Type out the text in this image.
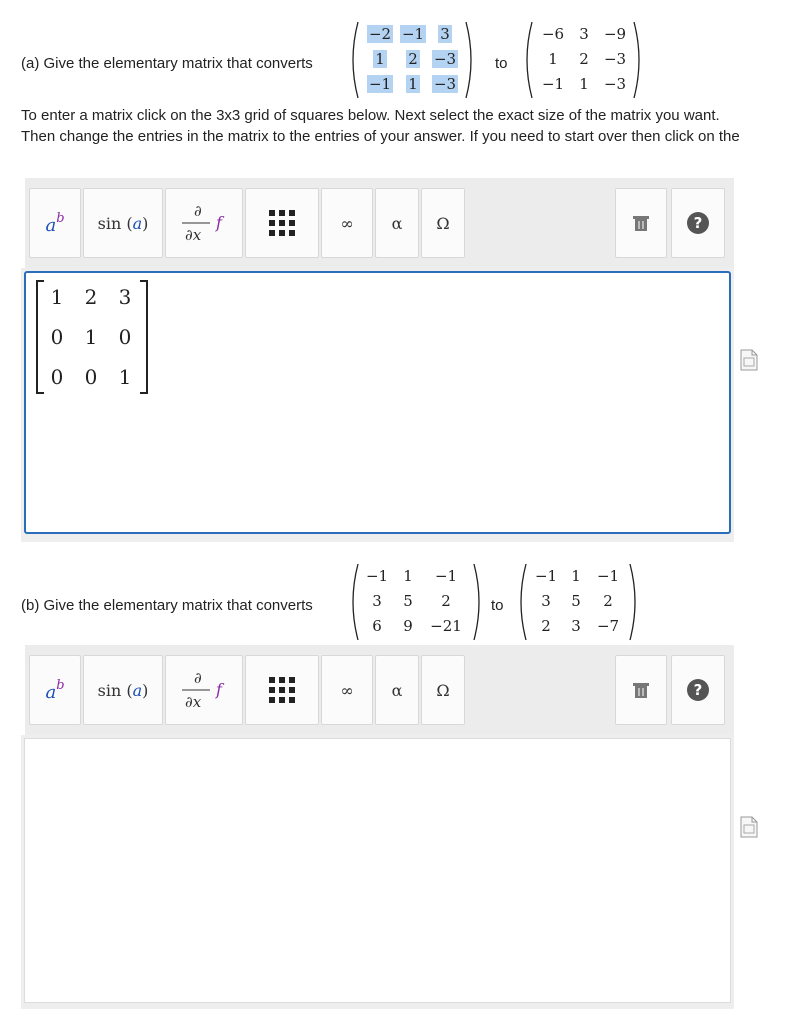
(a) Give the elementary matrix that converts
−2 −1	3
1	2	−3
−1	1	−3
to
−6	3	−9
1	2	−3
−1	1	−3
To enter a matrix click on the 3x3 grid of squares below. Next select the exact size of the matrix you want.
Then change the entries in the matrix to the entries of your answer. If you need to start over then click on the
$a^b$ sin (a)
∂
∂x
f	∞ α Ω	?
1 2 3
0 1 0
0 0 1
(b) Give the elementary matrix that converts
−1	1	−1
3	5	2
6	9	−21
to
−1 1	−1
3	5	2
2	3	−7
$a^b$ sin (a)
∂
∂x
f	∞ α Ω	?
